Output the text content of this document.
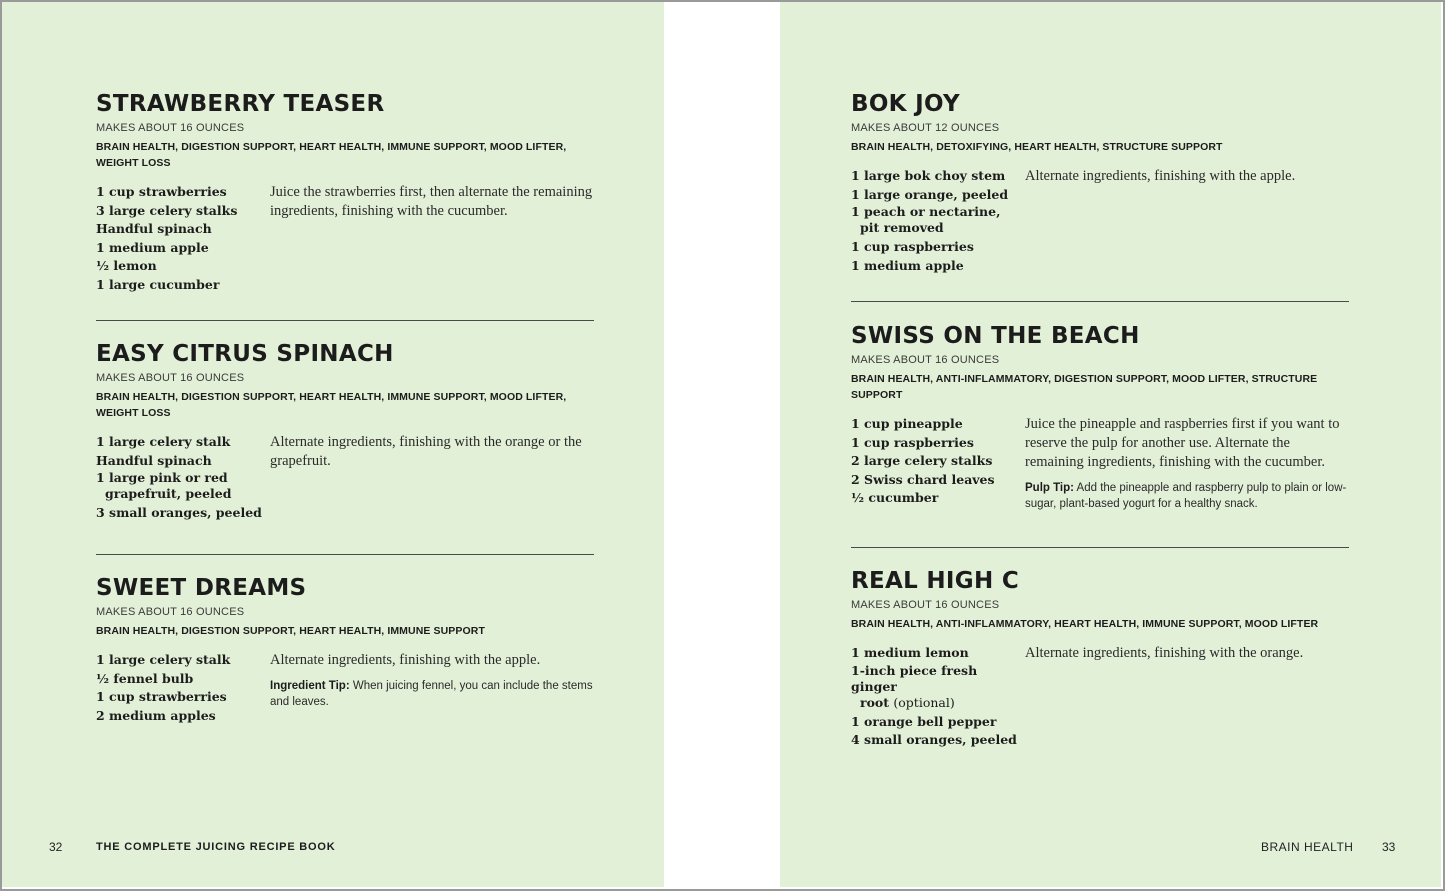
STRAWBERRY TEASER
MAKES ABOUT 16 OUNCES
BRAIN HEALTH, DIGESTION SUPPORT, HEART HEALTH, IMMUNE SUPPORT, MOOD LIFTER, WEIGHT LOSS
1 cup strawberries
3 large celery stalks
Handful spinach
1 medium apple
½ lemon
1 large cucumber
Juice the strawberries first, then alternate the remaining ingredients, finishing with the cucumber.
EASY CITRUS SPINACH
MAKES ABOUT 16 OUNCES
BRAIN HEALTH, DIGESTION SUPPORT, HEART HEALTH, IMMUNE SUPPORT, MOOD LIFTER, WEIGHT LOSS
1 large celery stalk
Handful spinach
1 large pink or red
grapefruit, peeled
3 small oranges, peeled
Alternate ingredients, finishing with the orange or the grapefruit.
SWEET DREAMS
MAKES ABOUT 16 OUNCES
BRAIN HEALTH, DIGESTION SUPPORT, HEART HEALTH, IMMUNE SUPPORT
1 large celery stalk
½ fennel bulb
1 cup strawberries
2 medium apples
Alternate ingredients, finishing with the apple.
Ingredient Tip: When juicing fennel, you can include the stems and leaves.
32	THE COMPLETE JUICING RECIPE BOOK
BOK JOY
MAKES ABOUT 12 OUNCES
BRAIN HEALTH, DETOXIFYING, HEART HEALTH, STRUCTURE SUPPORT
1 large bok choy stem
1 large orange, peeled
1 peach or nectarine,
pit removed
1 cup raspberries
1 medium apple
Alternate ingredients, finishing with the apple.
SWISS ON THE BEACH
MAKES ABOUT 16 OUNCES
BRAIN HEALTH, ANTI-INFLAMMATORY, DIGESTION SUPPORT, MOOD LIFTER, STRUCTURE SUPPORT
1 cup pineapple
1 cup raspberries
2 large celery stalks
2 Swiss chard leaves
½ cucumber
Juice the pineapple and raspberries first if you want to reserve the pulp for another use. Alternate the remaining ingredients, finishing with the cucumber.
Pulp Tip: Add the pineapple and raspberry pulp to plain or low-sugar, plant-based yogurt for a healthy snack.
REAL HIGH C
MAKES ABOUT 16 OUNCES
BRAIN HEALTH, ANTI-INFLAMMATORY, HEART HEALTH, IMMUNE SUPPORT, MOOD LIFTER
1 medium lemon
1-inch piece fresh ginger
root (optional)
1 orange bell pepper
4 small oranges, peeled
Alternate ingredients, finishing with the orange.
BRAIN HEALTH 33
